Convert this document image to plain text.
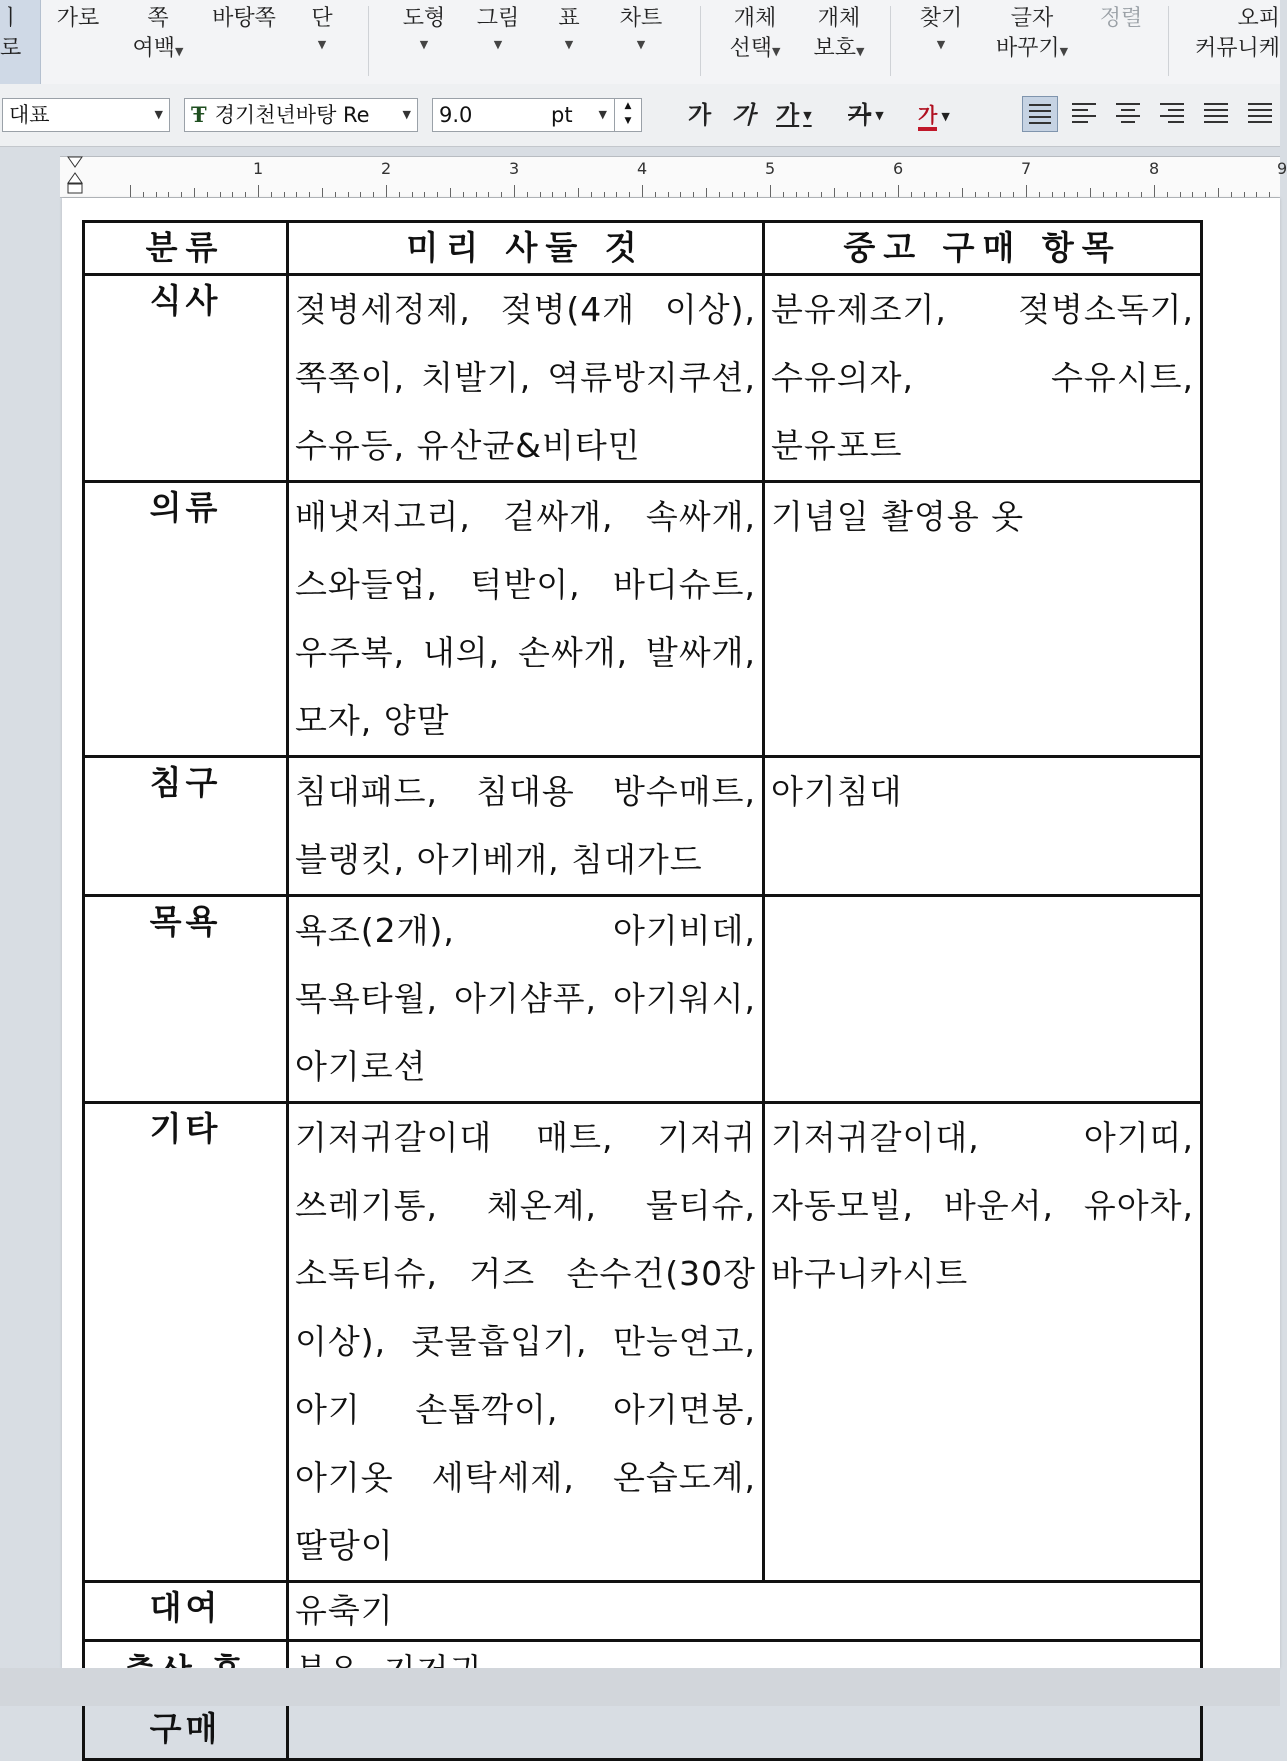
ㅣ로
가로 쪽
여백▼
바탕쪽 단
▼
도형
▼
그림
▼
표
▼
차트
▼
개체
선택▼
개체
보호▼
찾기
▼
글자
바꾸기▼
정렬	오피
커뮤니케
대표	▼	Ŧ 경기천년바탕 Re	▼	9.0	pt ▼
▲
▼	가 가 가 ▼ 가 ▼ 가 ▼
1	2	3	4	5	6	7	8	9
분류	미리 사둘 것	중고 구매 항목
식사	젖병세정제, 젖병(4개 이상), 쪽쪽이, 치발기, 역류방지쿠션, 수유등, 유산균&비타민	분유제조기, 젖병소독기, 수유의자, 수유시트, 분유포트
의류	배냇저고리, 겉싸개, 속싸개, 스와들업, 턱받이, 바디슈트, 우주복, 내의, 손싸개, 발싸개, 모자, 양말	기념일 촬영용 옷
침구	침대패드, 침대용 방수매트, 블랭킷, 아기베개, 침대가드	아기침대
목욕	욕조(2개), 아기비데, 목욕타월, 아기샴푸, 아기워시, 아기로션	
기타	기저귀갈이대 매트, 기저귀 쓰레기통, 체온계, 물티슈, 소독티슈, 거즈 손수건(30장 이상), 콧물흡입기, 만능연고, 아기 손톱깍이, 아기면봉, 아기옷 세탁세제, 온습도계, 딸랑이	기저귀갈이대, 아기띠, 자동모빌, 바운서, 유아차, 바구니카시트
대여	유축기	
구매	
